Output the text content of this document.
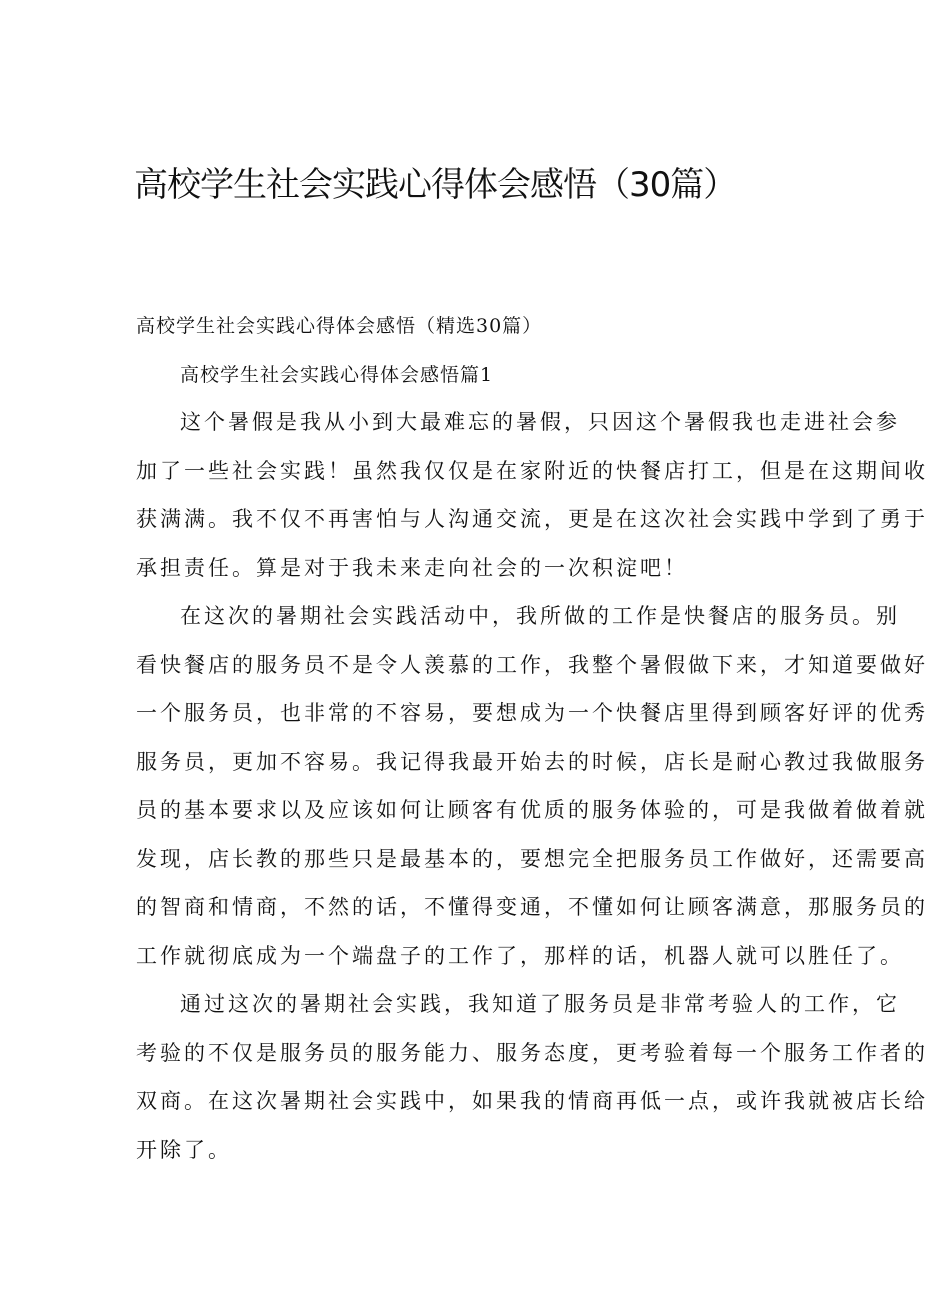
高校学生社会实践心得体会感悟（30篇）
高校学生社会实践心得体会感悟（精选30篇）
高校学生社会实践心得体会感悟篇1
这个暑假是我从小到大最难忘的暑假，只因这个暑假我也走进社会参
加了一些社会实践！虽然我仅仅是在家附近的快餐店打工，但是在这期间收
获满满。我不仅不再害怕与人沟通交流，更是在这次社会实践中学到了勇于
承担责任。算是对于我未来走向社会的一次积淀吧！
在这次的暑期社会实践活动中，我所做的工作是快餐店的服务员。别
看快餐店的服务员不是令人羡慕的工作，我整个暑假做下来，才知道要做好
一个服务员，也非常的不容易，要想成为一个快餐店里得到顾客好评的优秀
服务员，更加不容易。我记得我最开始去的时候，店长是耐心教过我做服务
员的基本要求以及应该如何让顾客有优质的服务体验的，可是我做着做着就
发现，店长教的那些只是最基本的，要想完全把服务员工作做好，还需要高
的智商和情商，不然的话，不懂得变通，不懂如何让顾客满意，那服务员的
工作就彻底成为一个端盘子的工作了，那样的话，机器人就可以胜任了。
通过这次的暑期社会实践，我知道了服务员是非常考验人的工作，它
考验的不仅是服务员的服务能力、服务态度，更考验着每一个服务工作者的
双商。在这次暑期社会实践中，如果我的情商再低一点，或许我就被店长给
开除了。
